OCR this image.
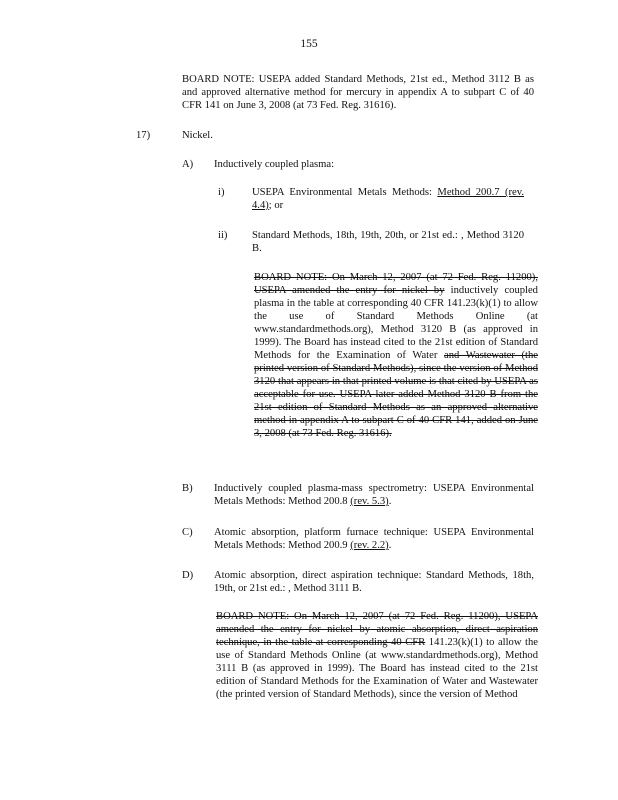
155
BOARD NOTE: USEPA added Standard Methods, 21st ed., Method 3112 B as and approved alternative method for mercury in appendix A to subpart C of 40 CFR 141 on June 3, 2008 (at 73 Fed. Reg. 31616).
17)	Nickel.
A) Inductively coupled plasma:
i)	USEPA Environmental Metals Methods: Method 200.7 (rev. 4.4); or
ii) Standard Methods, 18th, 19th, 20th, or 21st ed.: , Method 3120 B.
BOARD NOTE: On March 12, 2007 (at 72 Fed. Reg. 11200), USEPA amended the entry for nickel by inductively coupled plasma in the table at corresponding 40 CFR 141.23(k)(1) to allow the use of Standard Methods Online (at www.standardmethods.org), Method 3120 B (as approved in 1999). The Board has instead cited to the 21st edition of Standard Methods for the Examination of Water and Wastewater (the printed version of Standard Methods), since the version of Method 3120 that appears in that printed volume is that cited by USEPA as acceptable for use. USEPA later added Method 3120 B from the 21st edition of Standard Methods as an approved alternative method in appendix A to subpart C of 40 CFR 141, added on June 3, 2008 (at 73 Fed. Reg. 31616).
B) Inductively coupled plasma-mass spectrometry: USEPA Environmental Metals Methods: Method 200.8 (rev. 5.3).
C) Atomic absorption, platform furnace technique: USEPA Environmental Metals Methods: Method 200.9 (rev. 2.2).
D) Atomic absorption, direct aspiration technique: Standard Methods, 18th, 19th, or 21st ed.: , Method 3111 B.
BOARD NOTE: On March 12, 2007 (at 72 Fed. Reg. 11200), USEPA amended the entry for nickel by atomic absorption, direct aspiration technique, in the table at corresponding 40 CFR 141.23(k)(1) to allow the use of Standard Methods Online (at www.standardmethods.org), Method 3111 B (as approved in 1999). The Board has instead cited to the 21st edition of Standard Methods for the Examination of Water and Wastewater (the printed version of Standard Methods), since the version of Method
